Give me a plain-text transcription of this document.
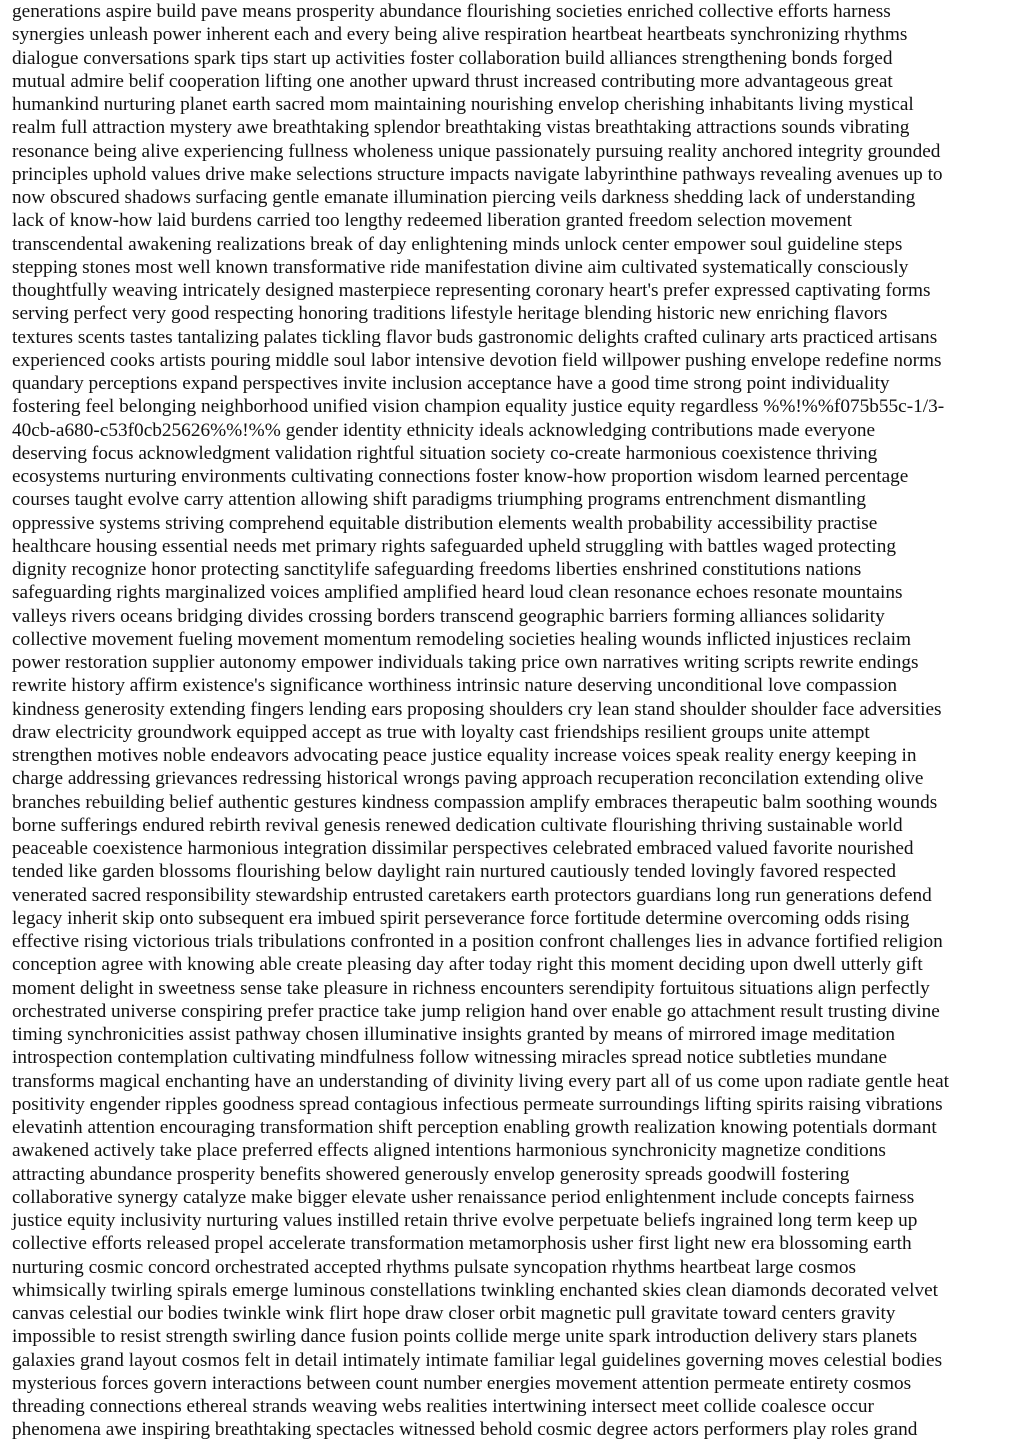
generations aspire build pave means prosperity abundance flourishing societies enriched collective efforts harness
synergies unleash power inherent each and every being alive respiration heartbeat heartbeats synchronizing rhythms
dialogue conversations spark tips start up activities foster collaboration build alliances strengthening bonds forged
mutual admire belif cooperation lifting one another upward thrust increased contributing more advantageous great
humankind nurturing planet earth sacred mom maintaining nourishing envelop cherishing inhabitants living mystical
realm full attraction mystery awe breathtaking splendor breathtaking vistas breathtaking attractions sounds vibrating
resonance being alive experiencing fullness wholeness unique passionately pursuing reality anchored integrity grounded
principles uphold values drive make selections structure impacts navigate labyrinthine pathways revealing avenues up to
now obscured shadows surfacing gentle emanate illumination piercing veils darkness shedding lack of understanding
lack of know-how laid burdens carried too lengthy redeemed liberation granted freedom selection movement
transcendental awakening realizations break of day enlightening minds unlock center empower soul guideline steps
stepping stones most well known transformative ride manifestation divine aim cultivated systematically consciously
thoughtfully weaving intricately designed masterpiece representing coronary heart's prefer expressed captivating forms
serving perfect very good respecting honoring traditions lifestyle heritage blending historic new enriching flavors
textures scents tastes tantalizing palates tickling flavor buds gastronomic delights crafted culinary arts practiced artisans
experienced cooks artists pouring middle soul labor intensive devotion field willpower pushing envelope redefine norms
quandary perceptions expand perspectives invite inclusion acceptance have a good time strong point individuality
fostering feel belonging neighborhood unified vision champion equality justice equity regardless %%!%%f075b55c-1/3-
40cb-a680-c53f0cb25626%%!%% gender identity ethnicity ideals acknowledging contributions made everyone
deserving focus acknowledgment validation rightful situation society co-create harmonious coexistence thriving
ecosystems nurturing environments cultivating connections foster know-how proportion wisdom learned percentage
courses taught evolve carry attention allowing shift paradigms triumphing programs entrenchment dismantling
oppressive systems striving comprehend equitable distribution elements wealth probability accessibility practise
healthcare housing essential needs met primary rights safeguarded upheld struggling with battles waged protecting
dignity recognize honor protecting sanctitylife safeguarding freedoms liberties enshrined constitutions nations
safeguarding rights marginalized voices amplified amplified heard loud clean resonance echoes resonate mountains
valleys rivers oceans bridging divides crossing borders transcend geographic barriers forming alliances solidarity
collective movement fueling movement momentum remodeling societies healing wounds inflicted injustices reclaim
power restoration supplier autonomy empower individuals taking price own narratives writing scripts rewrite endings
rewrite history affirm existence's significance worthiness intrinsic nature deserving unconditional love compassion
kindness generosity extending fingers lending ears proposing shoulders cry lean stand shoulder shoulder face adversities
draw electricity groundwork equipped accept as true with loyalty cast friendships resilient groups unite attempt
strengthen motives noble endeavors advocating peace justice equality increase voices speak reality energy keeping in
charge addressing grievances redressing historical wrongs paving approach recuperation reconcilation extending olive
branches rebuilding belief authentic gestures kindness compassion amplify embraces therapeutic balm soothing wounds
borne sufferings endured rebirth revival genesis renewed dedication cultivate flourishing thriving sustainable world
peaceable coexistence harmonious integration dissimilar perspectives celebrated embraced valued favorite nourished
tended like garden blossoms flourishing below daylight rain nurtured cautiously tended lovingly favored respected
venerated sacred responsibility stewardship entrusted caretakers earth protectors guardians long run generations defend
legacy inherit skip onto subsequent era imbued spirit perseverance force fortitude determine overcoming odds rising
effective rising victorious trials tribulations confronted in a position confront challenges lies in advance fortified religion
conception agree with knowing able create pleasing day after today right this moment deciding upon dwell utterly gift
moment delight in sweetness sense take pleasure in richness encounters serendipity fortuitous situations align perfectly
orchestrated universe conspiring prefer practice take jump religion hand over enable go attachment result trusting divine
timing synchronicities assist pathway chosen illuminative insights granted by means of mirrored image meditation
introspection contemplation cultivating mindfulness follow witnessing miracles spread notice subtleties mundane
transforms magical enchanting have an understanding of divinity living every part all of us come upon radiate gentle heat
positivity engender ripples goodness spread contagious infectious permeate surroundings lifting spirits raising vibrations
elevatinh attention encouraging transformation shift perception enabling growth realization knowing potentials dormant
awakened actively take place preferred effects aligned intentions harmonious synchronicity magnetize conditions
attracting abundance prosperity benefits showered generously envelop generosity spreads goodwill fostering
collaborative synergy catalyze make bigger elevate usher renaissance period enlightenment include concepts fairness
justice equity inclusivity nurturing values instilled retain thrive evolve perpetuate beliefs ingrained long term keep up
collective efforts released propel accelerate transformation metamorphosis usher first light new era blossoming earth
nurturing cosmic concord orchestrated accepted rhythms pulsate syncopation rhythms heartbeat large cosmos
whimsically twirling spirals emerge luminous constellations twinkling enchanted skies clean diamonds decorated velvet
canvas celestial our bodies twinkle wink flirt hope draw closer orbit magnetic pull gravitate toward centers gravity
impossible to resist strength swirling dance fusion points collide merge unite spark introduction delivery stars planets
galaxies grand layout cosmos felt in detail intimately intimate familiar legal guidelines governing moves celestial bodies
mysterious forces govern interactions between count number energies movement attention permeate entirety cosmos
threading connections ethereal strands weaving webs realities intertwining intersect meet collide coalesce occur
phenomena awe inspiring breathtaking spectacles witnessed behold cosmic degree actors performers play roles grand
